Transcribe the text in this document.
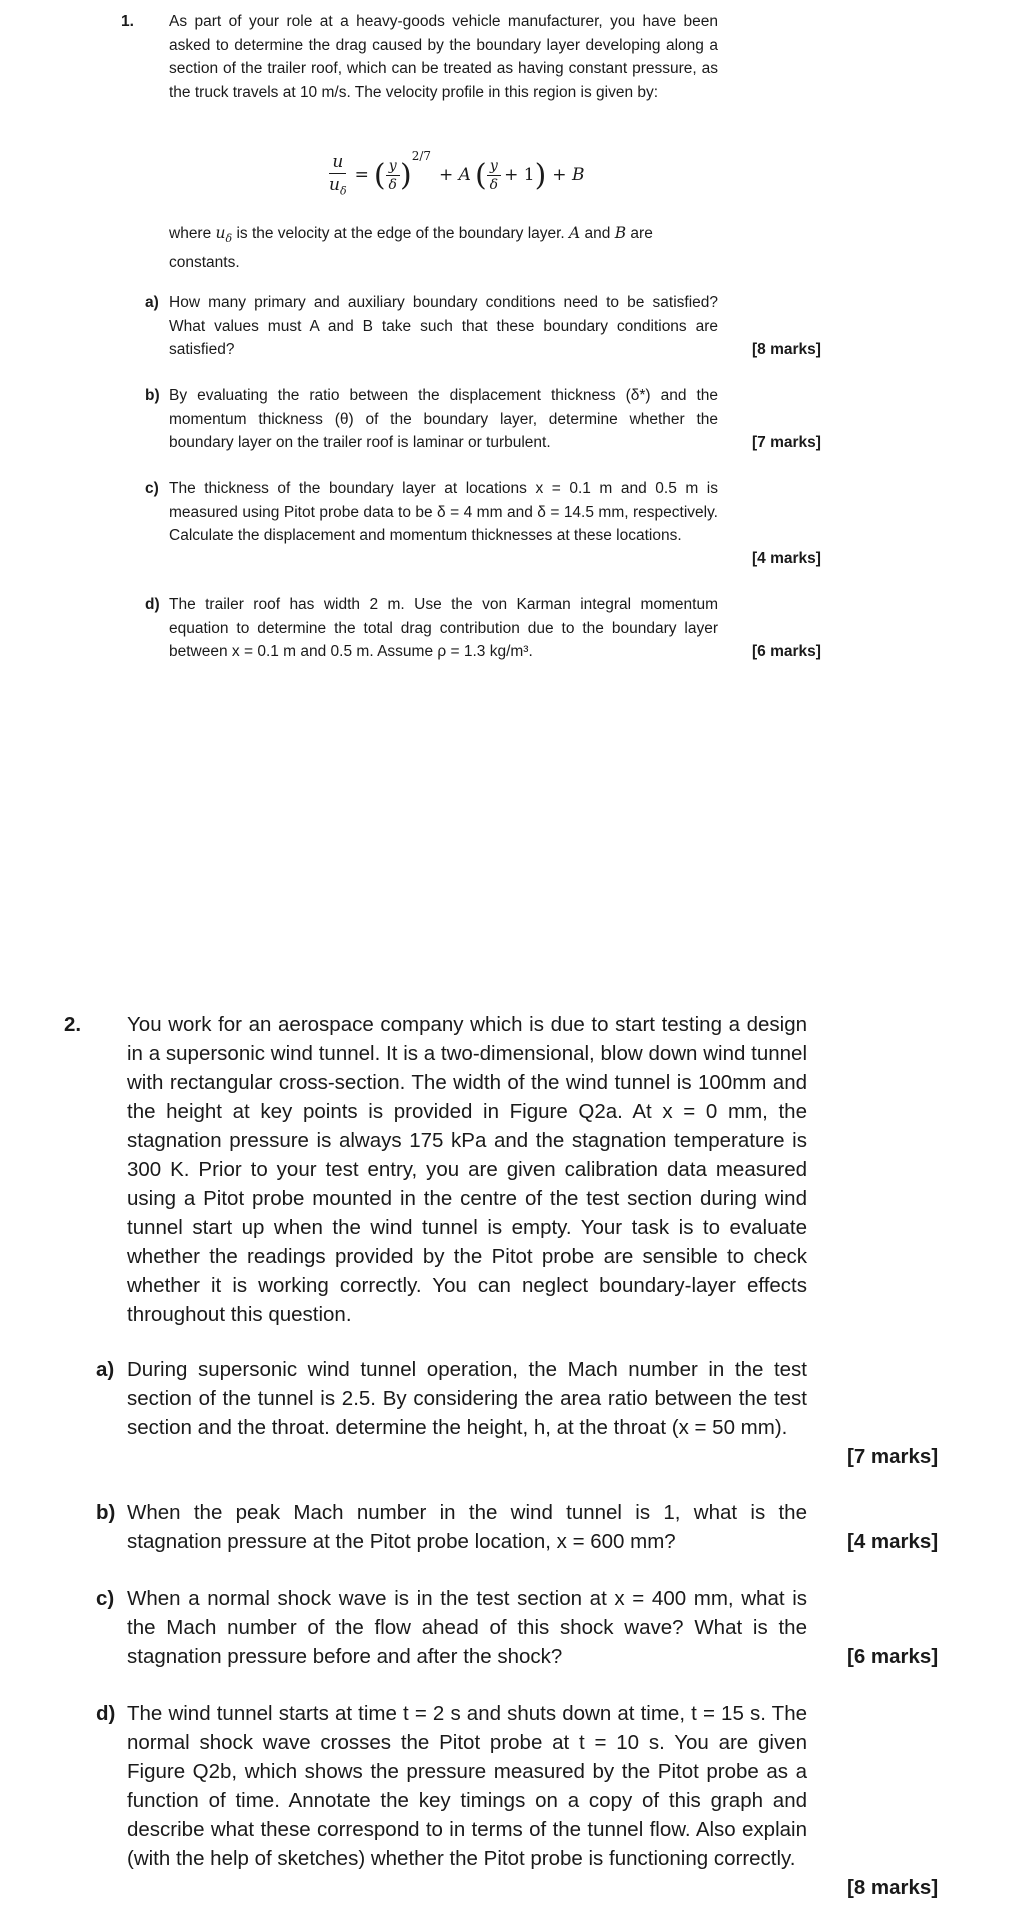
1. As part of your role at a heavy-goods vehicle manufacturer, you have been asked to determine the drag caused by the boundary layer developing along a section of the trailer roof, which can be treated as having constant pressure, as the truck travels at 10 m/s. The velocity profile in this region is given by:
$\frac{u}{u_\delta}$ = ( $\frac{y}{\delta}$ )
2/7
+ A ( $\frac{y}{\delta} + 1$ ) + B
where $u_\delta$ is the velocity at the edge of the boundary layer. A and B are constants.
a) How many primary and auxiliary boundary conditions need to be satisfied? What values must A and B take such that these boundary conditions are satisfied?	[8 marks]
b) By evaluating the ratio between the displacement thickness (δ*) and the momentum thickness (θ) of the boundary layer, determine whether the boundary layer on the trailer roof is laminar or turbulent.	[7 marks]
c) The thickness of the boundary layer at locations x = 0.1 m and 0.5 m is measured using Pitot probe data to be δ = 4 mm and δ = 14.5 mm, respectively. Calculate the displacement and momentum thicknesses at these locations.
[4 marks]
d) The trailer roof has width 2 m. Use the von Karman integral momentum equation to determine the total drag contribution due to the boundary layer between x = 0.1 m and 0.5 m. Assume ρ = 1.3 kg/m³.	[6 marks]
2. You work for an aerospace company which is due to start testing a design in a supersonic wind tunnel. It is a two-dimensional, blow down wind tunnel with rectangular cross-section. The width of the wind tunnel is 100mm and the height at key points is provided in Figure Q2a. At x = 0 mm, the stagnation pressure is always 175 kPa and the stagnation temperature is 300 K. Prior to your test entry, you are given calibration data measured using a Pitot probe mounted in the centre of the test section during wind tunnel start up when the wind tunnel is empty. Your task is to evaluate whether the readings provided by the Pitot probe are sensible to check whether it is working correctly. You can neglect boundary-layer effects throughout this question.
a) During supersonic wind tunnel operation, the Mach number in the test section of the tunnel is 2.5. By considering the area ratio between the test section and the throat. determine the height, h, at the throat (x = 50 mm).
[7 marks]
b) When the peak Mach number in the wind tunnel is 1, what is the stagnation pressure at the Pitot probe location, x = 600 mm?	[4 marks]
c) When a normal shock wave is in the test section at x = 400 mm, what is the Mach number of the flow ahead of this shock wave? What is the stagnation pressure before and after the shock?	[6 marks]
d) The wind tunnel starts at time t = 2 s and shuts down at time, t = 15 s. The normal shock wave crosses the Pitot probe at t = 10 s. You are given Figure Q2b, which shows the pressure measured by the Pitot probe as a function of time. Annotate the key timings on a copy of this graph and describe what these correspond to in terms of the tunnel flow. Also explain (with the help of sketches) whether the Pitot probe is functioning correctly.
[8 marks]
